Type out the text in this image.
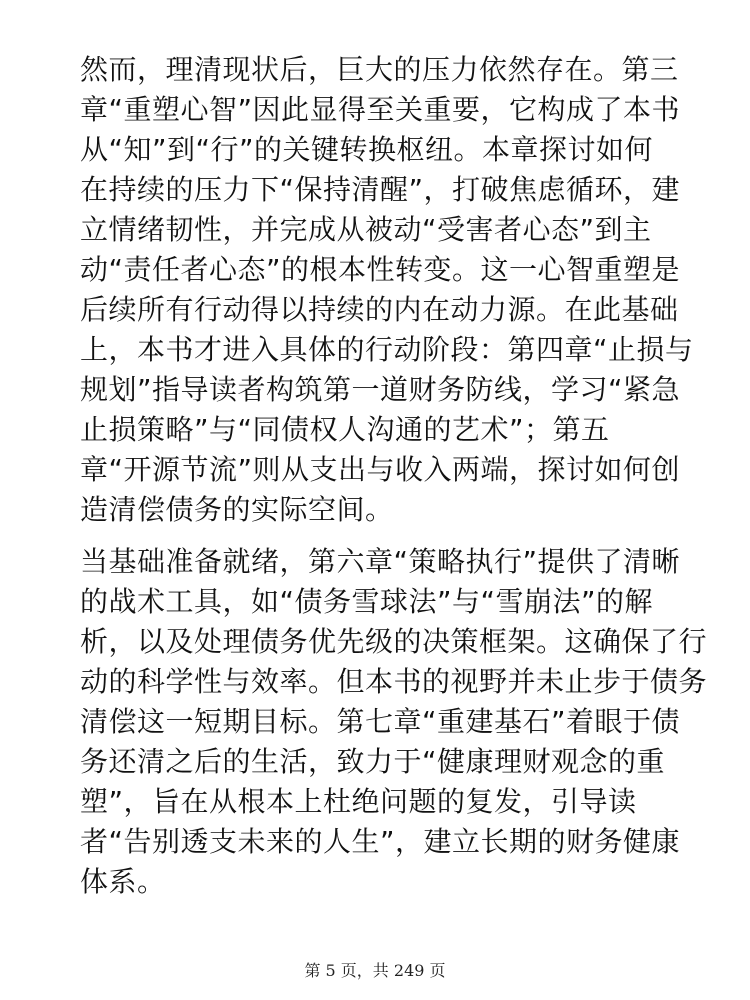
然而，理清现状后，巨大的压力依然存在。第三
章“重塑心智”因此显得至关重要，它构成了本书
从“知”到“行”的关键转换枢纽。本章探讨如何
在持续的压力下“保持清醒”，打破焦虑循环，建
立情绪韧性，并完成从被动“受害者心态”到主
动“责任者心态”的根本性转变。这一心智重塑是
后续所有行动得以持续的内在动力源。在此基础
上，本书才进入具体的行动阶段：第四章“止损与
规划”指导读者构筑第一道财务防线，学习“紧急
止损策略”与“同债权人沟通的艺术”；第五
章“开源节流”则从支出与收入两端，探讨如何创
造清偿债务的实际空间。

当基础准备就绪，第六章“策略执行”提供了清晰
的战术工具，如“债务雪球法”与“雪崩法”的解
析，以及处理债务优先级的决策框架。这确保了行
动的科学性与效率。但本书的视野并未止步于债务
清偿这一短期目标。第七章“重建基石”着眼于债
务还清之后的生活，致力于“健康理财观念的重
塑”，旨在从根本上杜绝问题的复发，引导读
者“告别透支未来的人生”，建立长期的财务健康
体系。

第 5 页，共 249 页
